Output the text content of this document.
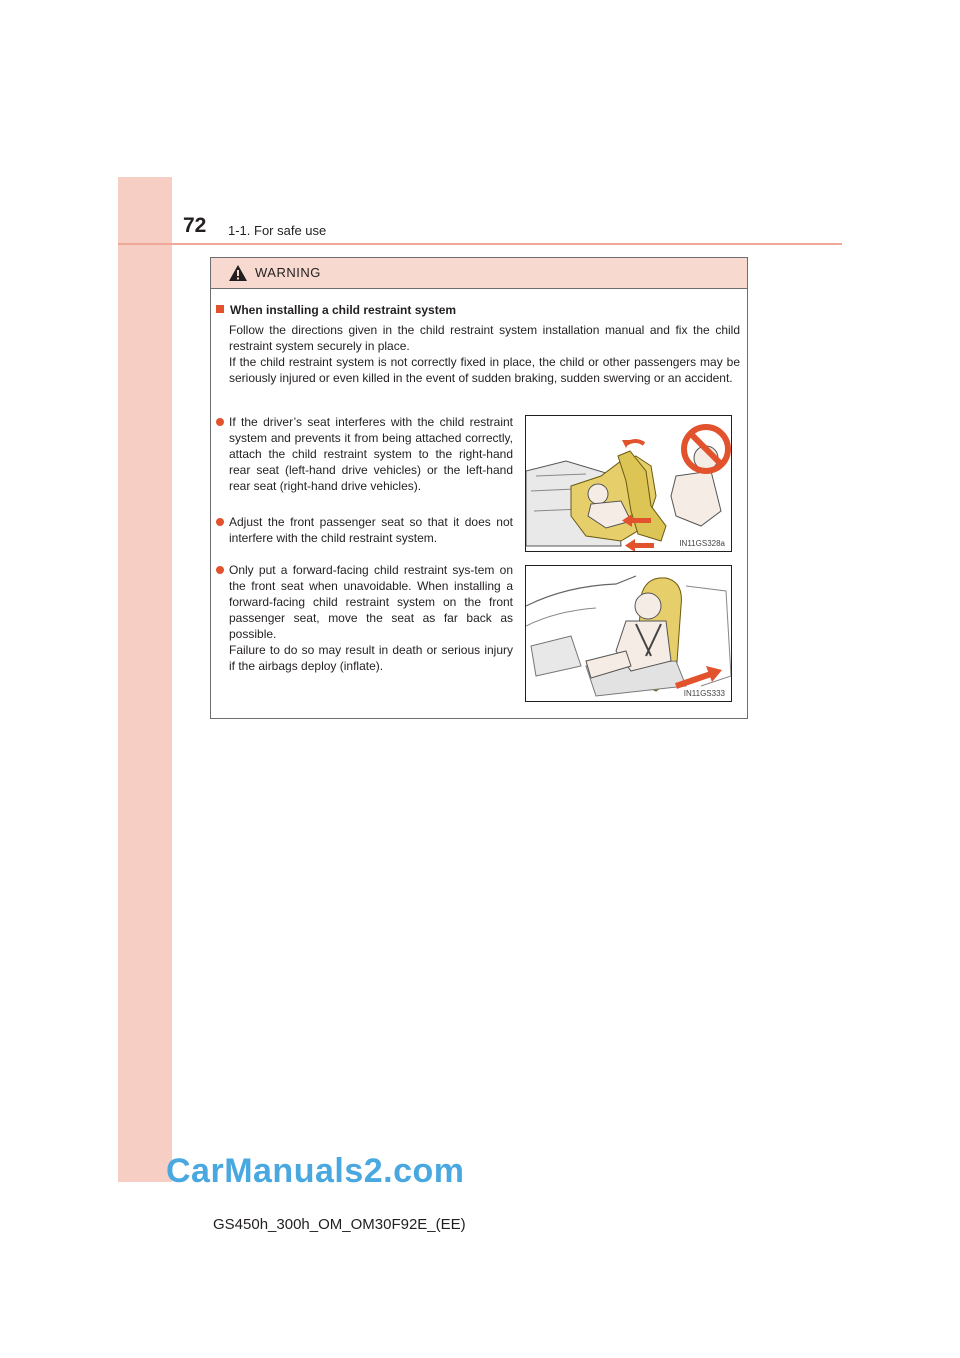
72 1-1. For safe use
WARNING
When installing a child restraint system
Follow the directions given in the child restraint system installation manual and fix the child restraint system securely in place.
If the child restraint system is not correctly fixed in place, the child or other passengers may be seriously injured or even killed in the event of sudden braking, sudden swerving or an accident.
If the driver’s seat interferes with the child restraint system and prevents it from being attached correctly, attach the child restraint system to the right-hand rear seat (left-hand drive vehicles) or the left-hand rear seat (right-hand drive vehicles).
Adjust the front passenger seat so that it does not interfere with the child restraint system.
Only put a forward-facing child restraint sys-tem on the front seat when unavoidable. When installing a forward-facing child restraint system on the front passenger seat, move the seat as far back as possible.
Failure to do so may result in death or serious injury if the airbags deploy (inflate).
IN11GS328a
IN11GS333
CarManuals2.com
GS450h_300h_OM_OM30F92E_(EE)
